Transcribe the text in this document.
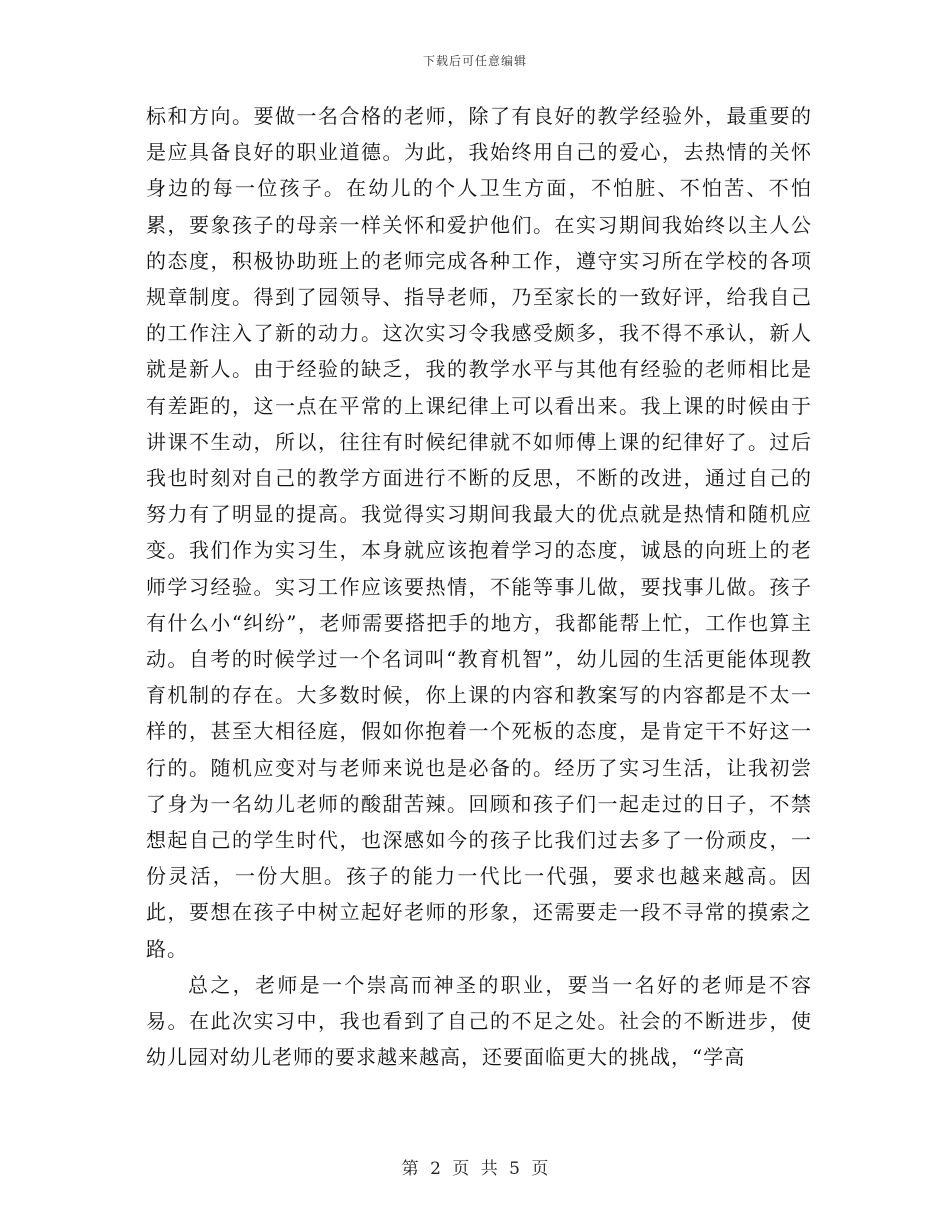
下载后可任意编辑

标和方向。要做一名合格的老师，除了有良好的教学经验外，最重要的是应具备良好的职业道德。为此，我始终用自己的爱心，去热情的关怀身边的每一位孩子。在幼儿的个人卫生方面，不怕脏、不怕苦、不怕累，要象孩子的母亲一样关怀和爱护他们。在实习期间我始终以主人公的态度，积极协助班上的老师完成各种工作，遵守实习所在学校的各项规章制度。得到了园领导、指导老师，乃至家长的一致好评，给我自己的工作注入了新的动力。这次实习令我感受颇多，我不得不承认，新人就是新人。由于经验的缺乏，我的教学水平与其他有经验的老师相比是有差距的，这一点在平常的上课纪律上可以看出来。我上课的时候由于讲课不生动，所以，往往有时候纪律就不如师傅上课的纪律好了。过后我也时刻对自己的教学方面进行不断的反思，不断的改进，通过自己的努力有了明显的提高。我觉得实习期间我最大的优点就是热情和随机应变。我们作为实习生，本身就应该抱着学习的态度，诚恳的向班上的老师学习经验。实习工作应该要热情，不能等事儿做，要找事儿做。孩子有什么小“纠纷”，老师需要搭把手的地方，我都能帮上忙，工作也算主动。自考的时候学过一个名词叫“教育机智”，幼儿园的生活更能体现教育机制的存在。大多数时候，你上课的内容和教案写的内容都是不太一样的，甚至大相径庭，假如你抱着一个死板的态度，是肯定干不好这一行的。随机应变对与老师来说也是必备的。经历了实习生活，让我初尝了身为一名幼儿老师的酸甜苦辣。回顾和孩子们一起走过的日子，不禁想起自己的学生时代，也深感如今的孩子比我们过去多了一份顽皮，一份灵活，一份大胆。孩子的能力一代比一代强，要求也越来越高。因此，要想在孩子中树立起好老师的形象，还需要走一段不寻常的摸索之路。

总之，老师是一个崇高而神圣的职业，要当一名好的老师是不容易。在此次实习中，我也看到了自己的不足之处。社会的不断进步，使幼儿园对幼儿老师的要求越来越高，还要面临更大的挑战，“学高

第 2 页 共 5 页
